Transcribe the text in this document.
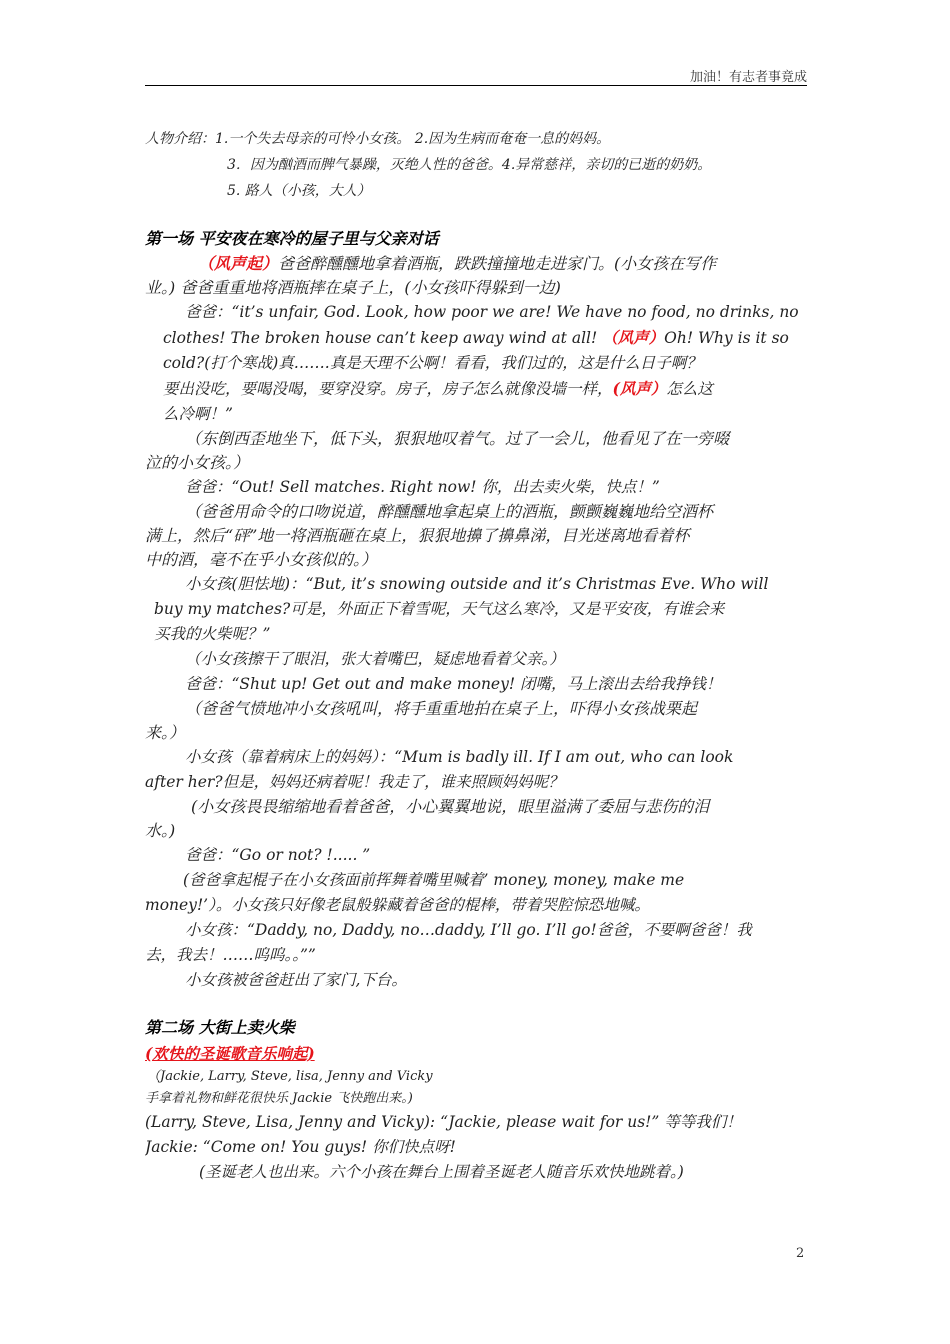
加油！有志者事竟成
人物介绍：1.一个失去母亲的可怜小女孩。 2.因为生病而奄奄一息的妈妈。
3．因为酗酒而脾气暴躁，灭绝人性的爸爸。4.异常慈祥，亲切的已逝的奶奶。
5. 路人（小孩，大人）
第一场 平安夜在寒冷的屋子里与父亲对话
（风声起）爸爸醉醺醺地拿着酒瓶，跌跌撞撞地走进家门。(小女孩在写作
业。) 爸爸重重地将酒瓶摔在桌子上，(小女孩吓得躲到一边)
爸爸：“it’s unfair, God. Look, how poor we are! We have no food, no drinks, no
clothes! The broken house can’t keep away wind at all! （风声）Oh! Why is it so
cold?(打个寒战)真…….真是天理不公啊！看看，我们过的，这是什么日子啊？
要出没吃，要喝没喝，要穿没穿。房子，房子怎么就像没墙一样，(风声）怎么这
么冷啊！”
（东倒西歪地坐下，低下头，狠狠地叹着气。过了一会儿，他看见了在一旁啜
泣的小女孩。）
爸爸：“Out! Sell matches. Right now! 你，出去卖火柴，快点！”
（爸爸用命令的口吻说道，醉醺醺地拿起桌上的酒瓶，颤颤巍巍地给空酒杯
满上，然后“砰”地一将酒瓶砸在桌上，狠狠地擤了擤鼻涕，目光迷离地看着杯
中的酒，毫不在乎小女孩似的。）
小女孩(胆怯地)：“But, it’s snowing outside and it’s Christmas Eve. Who will
buy my matches?可是，外面正下着雪呢，天气这么寒冷，又是平安夜，有谁会来
买我的火柴呢？”
（小女孩擦干了眼泪，张大着嘴巴，疑虑地看着父亲。）
爸爸：“Shut up! Get out and make money! 闭嘴，马上滚出去给我挣钱！
（爸爸气愤地冲小女孩吼叫，将手重重地拍在桌子上，吓得小女孩战栗起
来。）
小女孩（靠着病床上的妈妈）：“Mum is badly ill. If I am out, who can look
after her?但是，妈妈还病着呢！我走了，谁来照顾妈妈呢？
(小女孩畏畏缩缩地看着爸爸，小心翼翼地说，眼里溢满了委屈与悲伤的泪
水。)
爸爸：“Go or not? !..... ”
(爸爸拿起棍子在小女孩面前挥舞着嘴里喊着’ money, money, make me
money!’）。小女孩只好像老鼠般躲藏着爸爸的棍棒，带着哭腔惊恐地喊。
小女孩：“Daddy, no, Daddy, no…daddy, I’ll go. I’ll go!爸爸，不要啊爸爸！我
去，我去！……呜呜。。””
小女孩被爸爸赶出了家门,下台。
第二场 大街上卖火柴
(欢快的圣诞歌音乐响起)
（Jackie, Larry, Steve, lisa, Jenny and Vicky
手拿着礼物和鲜花很快乐 Jackie 飞快跑出来。)
(Larry, Steve, Lisa, Jenny and Vicky): “Jackie, please wait for us!” 等等我们！
Jackie: “Come on! You guys! 你们快点呀!
(圣诞老人也出来。六个小孩在舞台上围着圣诞老人随音乐欢快地跳着。)
2
